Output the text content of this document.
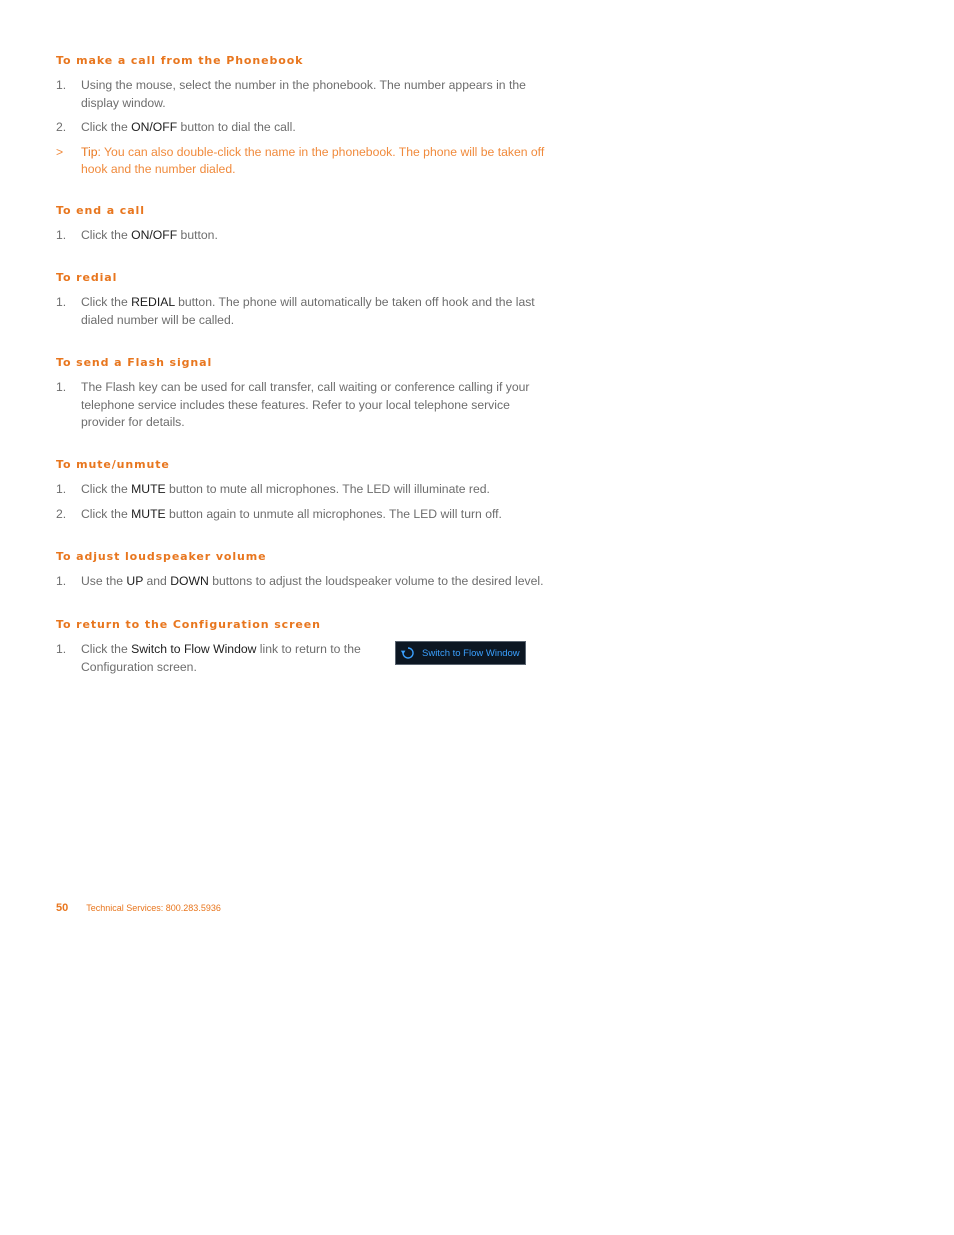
To make a call from the Phonebook
1. Using the mouse, select the number in the phonebook. The number appears in the display window.
2. Click the ON/OFF button to dial the call.
> Tip: You can also double-click the name in the phonebook. The phone will be taken off hook and the number dialed.
To end a call
1. Click the ON/OFF button.
To redial
1. Click the REDIAL button. The phone will automatically be taken off hook and the last dialed number will be called.
To send a Flash signal
1. The Flash key can be used for call transfer, call waiting or conference calling if your telephone service includes these features. Refer to your local telephone service provider for details.
To mute/unmute
1. Click the MUTE button to mute all microphones. The LED will illuminate red.
2. Click the MUTE button again to unmute all microphones. The LED will turn off.
To adjust loudspeaker volume
1. Use the UP and DOWN buttons to adjust the loudspeaker volume to the desired level.
To return to the Configuration screen
1. Click the Switch to Flow Window link to return to the Configuration screen.
Switch to Flow Window
50 Technical Services: 800.283.5936
